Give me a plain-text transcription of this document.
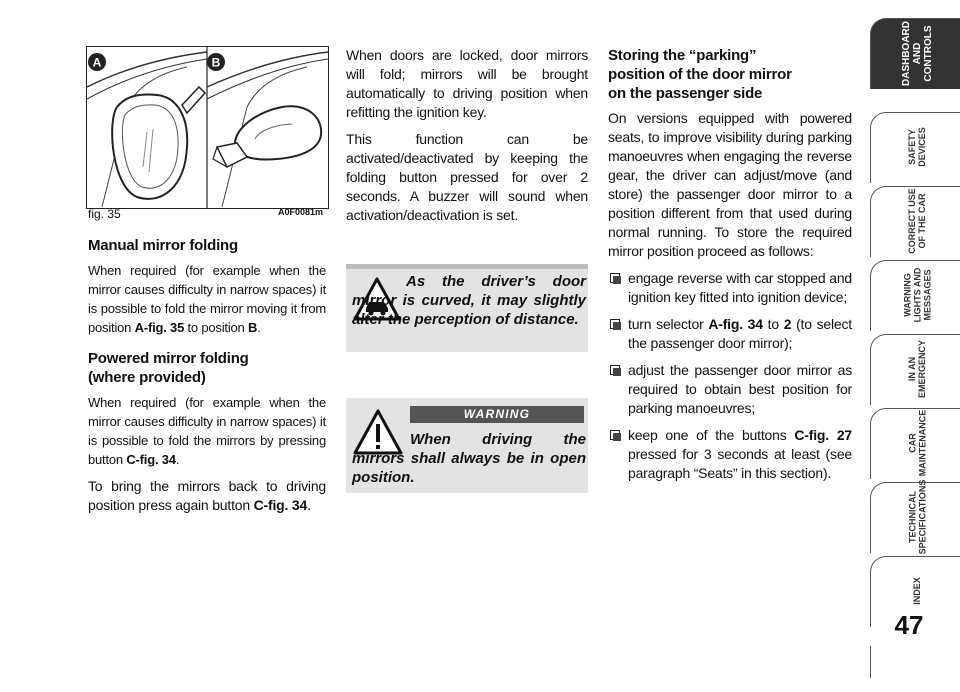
A	B
fig. 35	A0F0081m
Manual mirror folding

When required (for example when the mirror causes difficulty in narrow spaces) it is possible to fold the mirror moving it from position A-fig. 35 to position B.

Powered mirror folding
(where provided)

When required (for example when the mirror causes difficulty in narrow spaces) it is possible to fold the mirrors by pressing button C-fig. 34.

To bring the mirrors back to driving position press again button C-fig. 34.

When doors are locked, door mirrors will fold; mirrors will be brought automatically to driving position when refitting the ignition key.

This function can be activated/deactivated by keeping the folding button pressed for over 2 seconds. A buzzer will sound when activation/deactivation is set.

As the driver’s door mirror is curved, it may slightly alter the perception of distance.
WARNING
When driving the mirrors shall always be in open position.
Storing the “parking”
position of the door mirror
on the passenger side

On versions equipped with powered seats, to improve visibility during parking manoeuvres when engaging the reverse gear, the driver can adjust/move (and store) the passenger door mirror to a position different from that used during normal running. To store the required mirror position proceed as follows:

engage reverse with car stopped and ignition key fitted into ignition device;
turn selector A-fig. 34 to 2 (to select the passenger door mirror);
adjust the passenger door mirror as required to obtain best position for parking manoeuvres;
keep one of the buttons C-fig. 27 pressed for 3 seconds at least (see paragraph “Seats” in this section).
DASHBOARD
AND
CONTROLS
SAFETY
DEVICES
CORRECT USE
OF THE CAR
WARNING
LIGHTS AND
MESSAGES
IN AN
EMERGENCY
CAR
MAINTENANCE
TECHNICAL
SPECIFICATIONS
INDEX
47
